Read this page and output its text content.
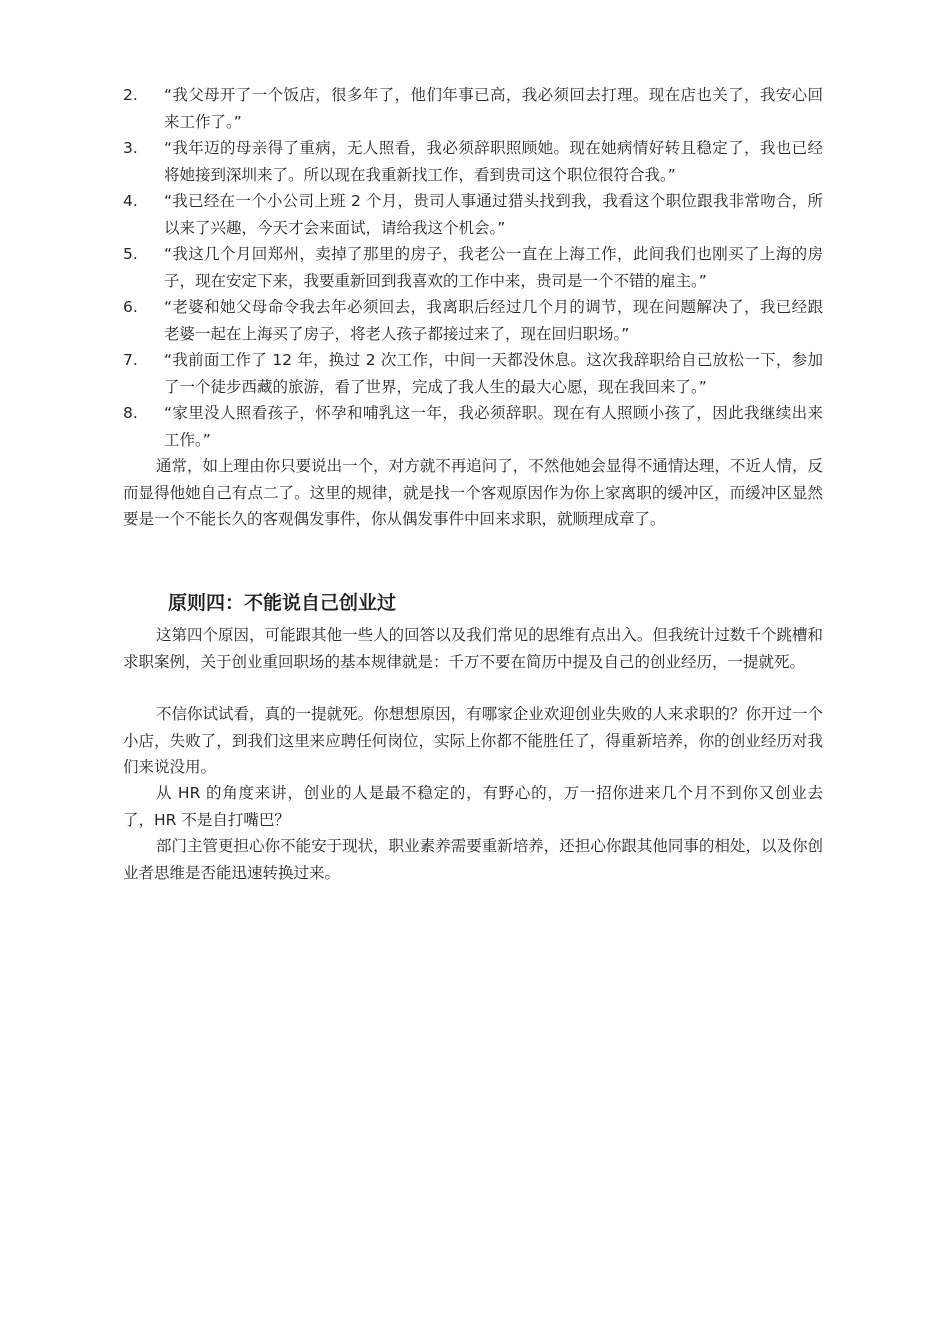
2.	“我父母开了一个饭店，很多年了，他们年事已高，我必须回去打理。现在店也关了，我安心回来工作了。”
3.	“我年迈的母亲得了重病，无人照看，我必须辞职照顾她。现在她病情好转且稳定了，我也已经将她接到深圳来了。所以现在我重新找工作，看到贵司这个职位很符合我。”
4.	“我已经在一个小公司上班 2 个月，贵司人事通过猎头找到我，我看这个职位跟我非常吻合，所以来了兴趣，今天才会来面试，请给我这个机会。”
5.	“我这几个月回郑州，卖掉了那里的房子，我老公一直在上海工作，此间我们也刚买了上海的房子，现在安定下来，我要重新回到我喜欢的工作中来，贵司是一个不错的雇主。”
6.	“老婆和她父母命令我去年必须回去，我离职后经过几个月的调节，现在问题解决了，我已经跟老婆一起在上海买了房子，将老人孩子都接过来了，现在回归职场。”
7.	“我前面工作了 12 年，换过 2 次工作，中间一天都没休息。这次我辞职给自己放松一下，参加了一个徒步西藏的旅游，看了世界，完成了我人生的最大心愿，现在我回来了。”
8.	“家里没人照看孩子，怀孕和哺乳这一年，我必须辞职。现在有人照顾小孩了，因此我继续出来工作。”

通常，如上理由你只要说出一个，对方就不再追问了，不然他她会显得不通情达理，不近人情，反而显得他她自己有点二了。这里的规律，就是找一个客观原因作为你上家离职的缓冲区，而缓冲区显然要是一个不能长久的客观偶发事件，你从偶发事件中回来求职，就顺理成章了。

原则四：不能说自己创业过

这第四个原因，可能跟其他一些人的回答以及我们常见的思维有点出入。但我统计过数千个跳槽和求职案例，关于创业重回职场的基本规律就是：千万不要在简历中提及自己的创业经历，一提就死。

不信你试试看，真的一提就死。你想想原因，有哪家企业欢迎创业失败的人来求职的？你开过一个小店，失败了，到我们这里来应聘任何岗位，实际上你都不能胜任了，得重新培养，你的创业经历对我们来说没用。

从 HR 的角度来讲，创业的人是最不稳定的，有野心的，万一招你进来几个月不到你又创业去了，HR 不是自打嘴巴？

部门主管更担心你不能安于现状，职业素养需要重新培养，还担心你跟其他同事的相处，以及你创业者思维是否能迅速转换过来。
